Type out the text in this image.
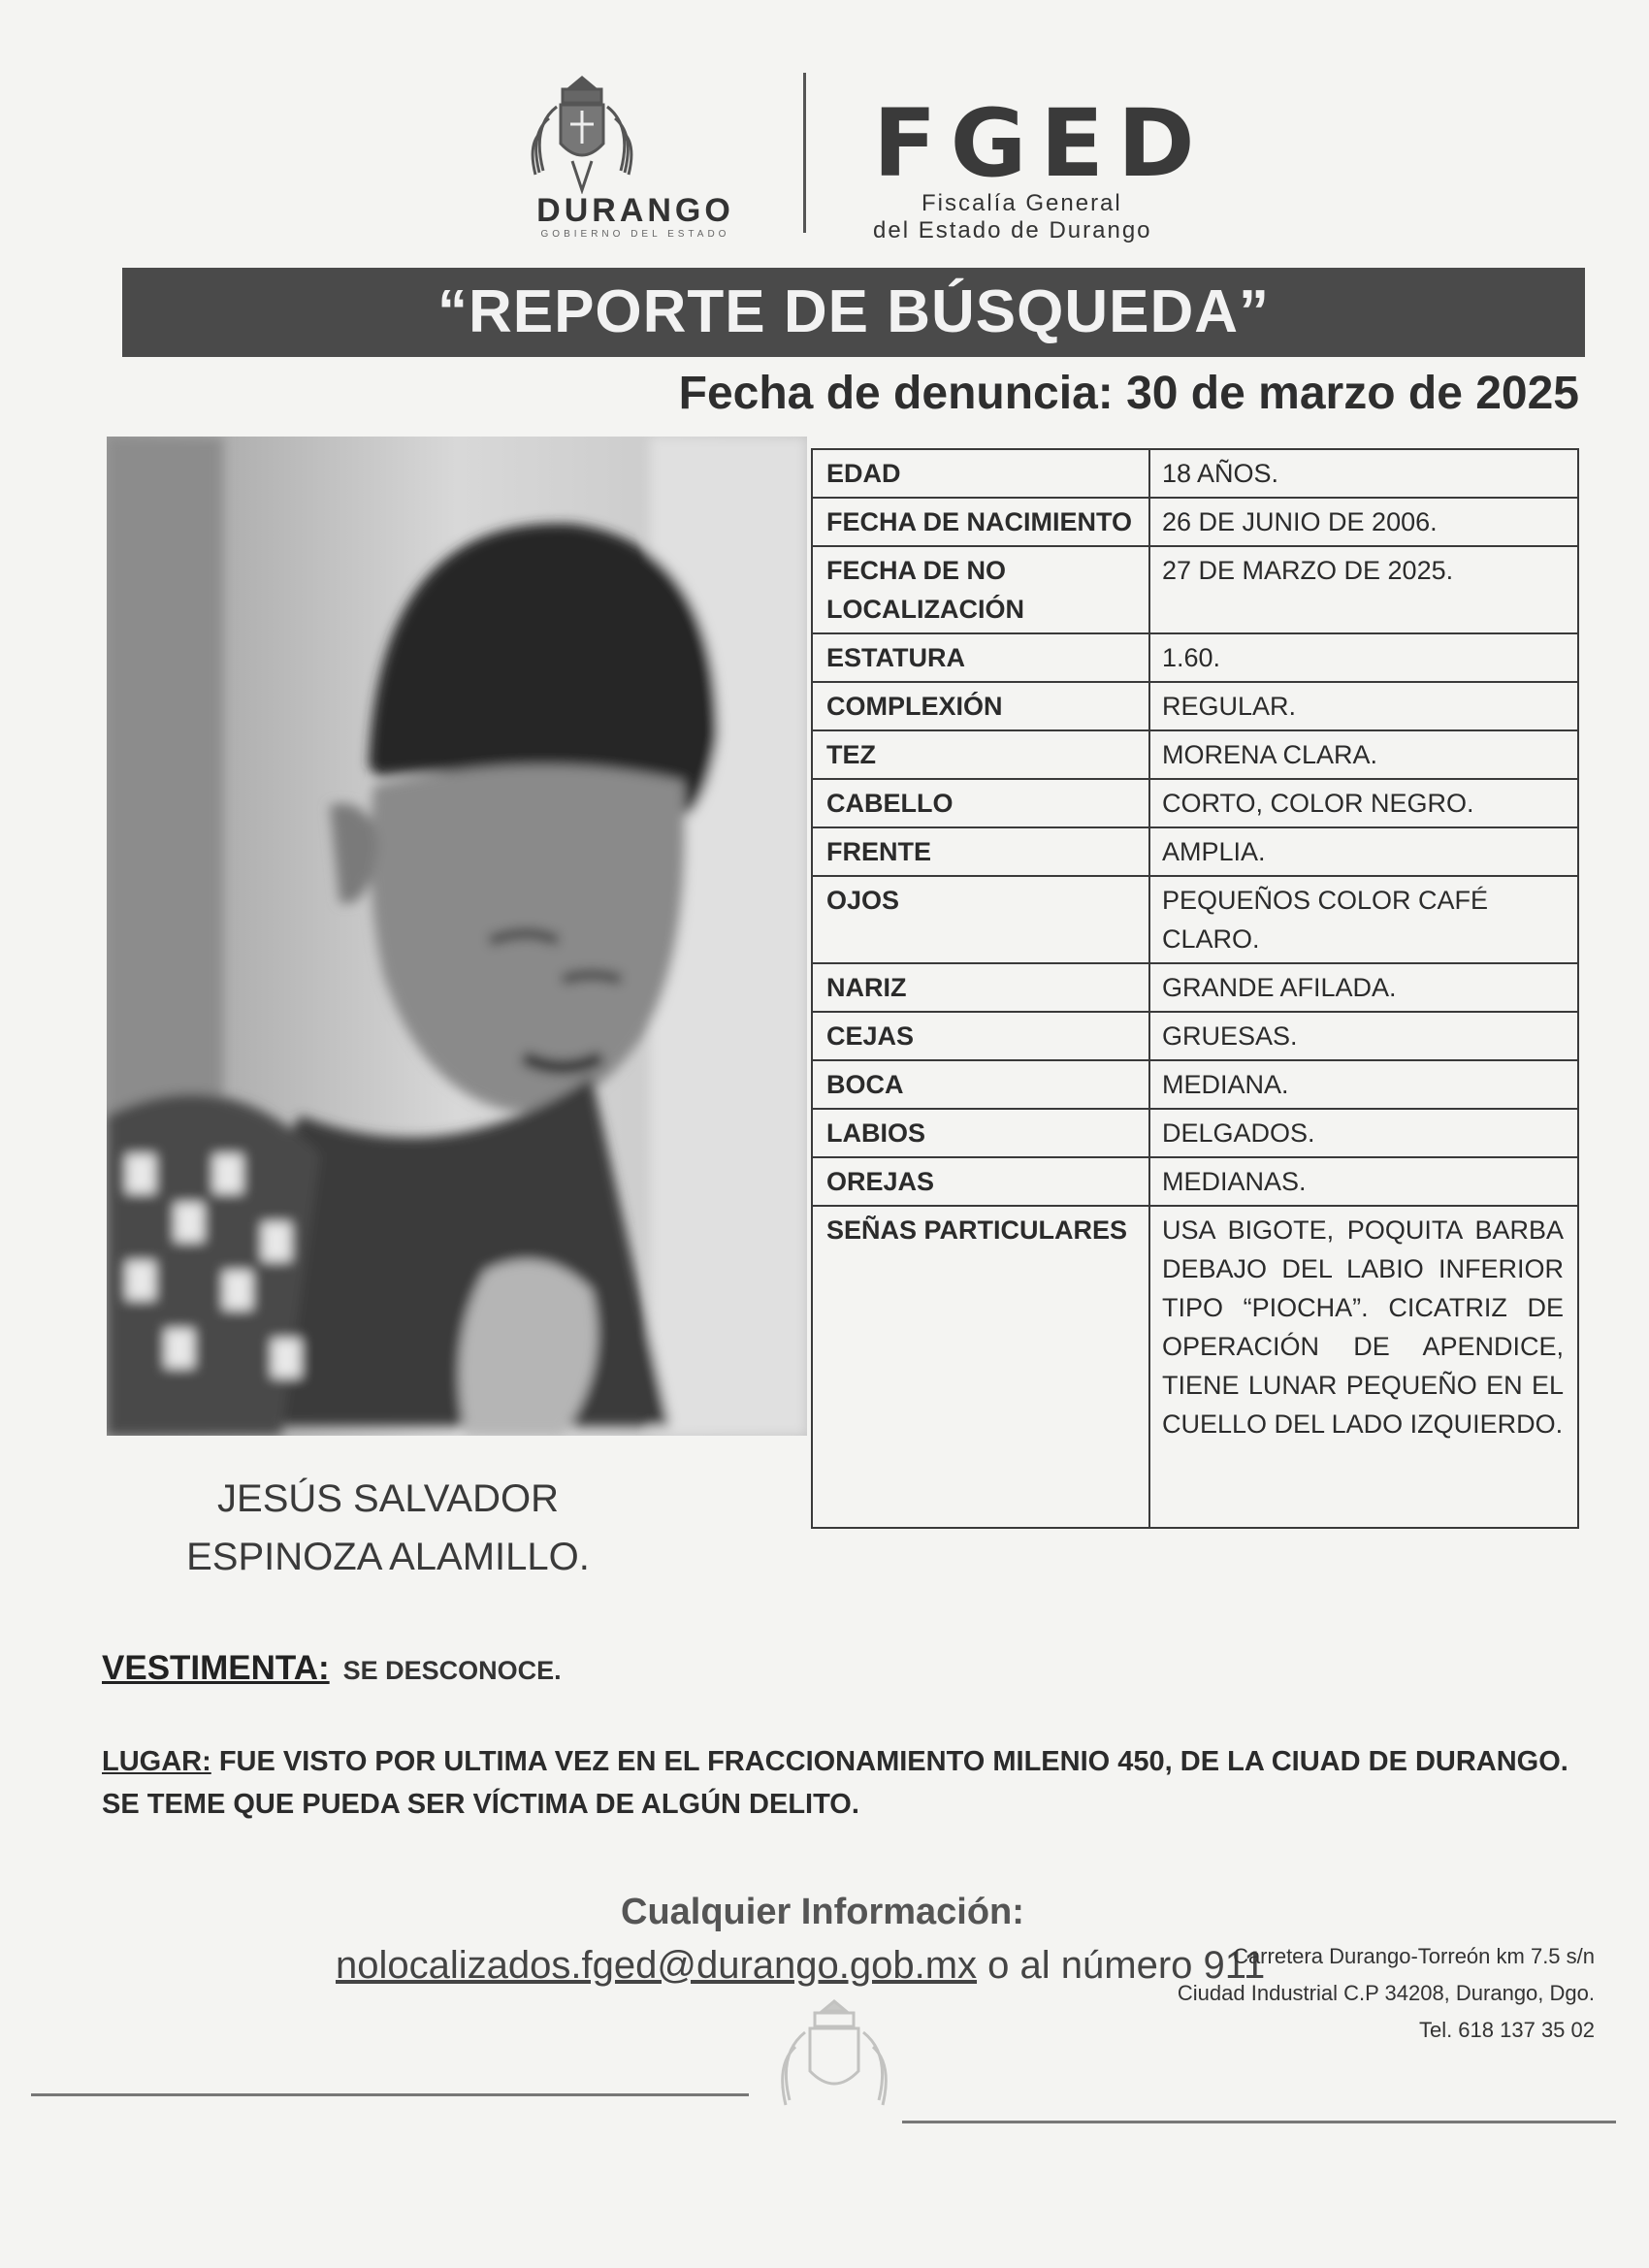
DURANGO
GOBIERNO DEL ESTADO
FGED
Fiscalía General
del Estado de Durango
“REPORTE DE BÚSQUEDA”
Fecha de denuncia: 30 de marzo de 2025
EDAD	18 AÑOS.
FECHA DE NACIMIENTO	26 DE JUNIO DE 2006.
FECHA DE NO LOCALIZACIÓN	27 DE MARZO DE 2025.
ESTATURA	1.60.
COMPLEXIÓN	REGULAR.
TEZ	MORENA CLARA.
CABELLO	CORTO, COLOR NEGRO.
FRENTE	AMPLIA.
OJOS	PEQUEÑOS COLOR CAFÉ CLARO.
NARIZ	GRANDE AFILADA.
CEJAS	GRUESAS.
BOCA	MEDIANA.
LABIOS	DELGADOS.
OREJAS	MEDIANAS.
SEÑAS PARTICULARES	USA BIGOTE, POQUITA BARBA DEBAJO DEL LABIO INFERIOR TIPO “PIOCHA”. CICATRIZ DE OPERACIÓN DE APENDICE, TIENE LUNAR PEQUEÑO EN EL CUELLO DEL LADO IZQUIERDO.
JESÚS SALVADOR
ESPINOZA ALAMILLO.
VESTIMENTA: SE DESCONOCE.
LUGAR: FUE VISTO POR ULTIMA VEZ EN EL FRACCIONAMIENTO MILENIO 450, DE LA CIUAD DE DURANGO. SE TEME QUE PUEDA SER VÍCTIMA DE ALGÚN DELITO.
Cualquier Información:
nolocalizados.fged@durango.gob.mx o al número 911
Carretera Durango-Torreón km 7.5 s/n
Ciudad Industrial C.P 34208, Durango, Dgo.
Tel. 618 137 35 02
